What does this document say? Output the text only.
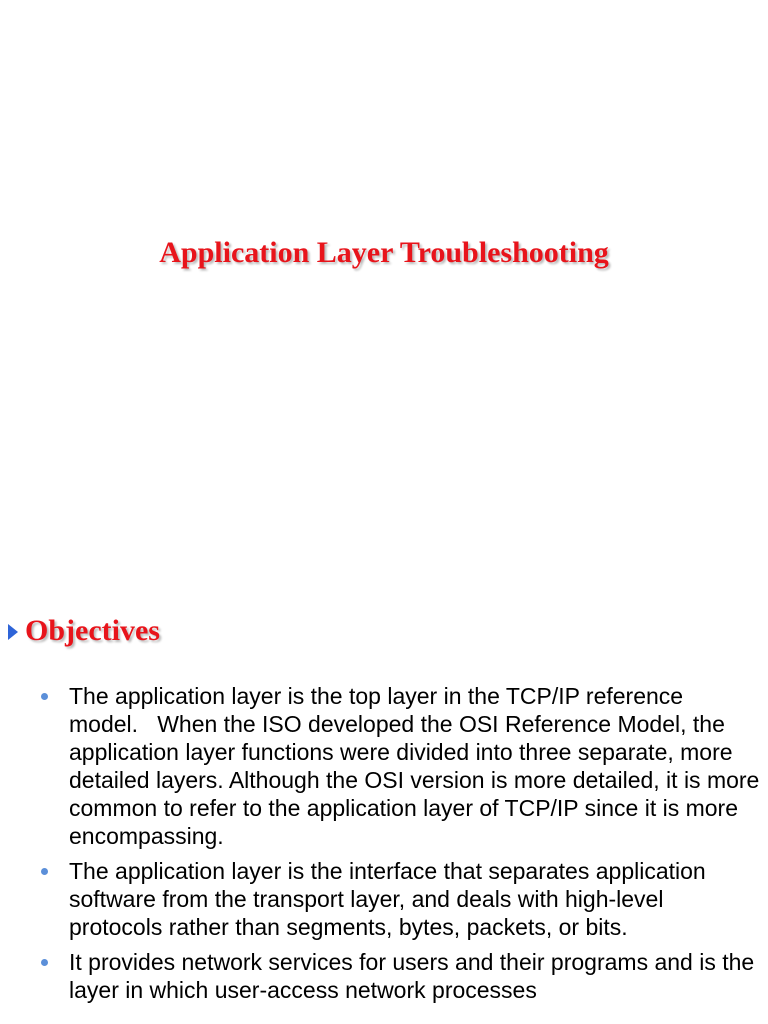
Application Layer Troubleshooting
Objectives
The application layer is the top layer in the TCP/IP reference model.   When the ISO developed the OSI Reference Model, the application layer functions were divided into three separate, more detailed layers. Although the OSI version is more detailed, it is more common to refer to the application layer of TCP/IP since it is more encompassing.
The application layer is the interface that separates application software from the transport layer, and deals with high-level protocols rather than segments, bytes, packets, or bits.
It provides network services for users and their programs and is the layer in which user-access network processes
